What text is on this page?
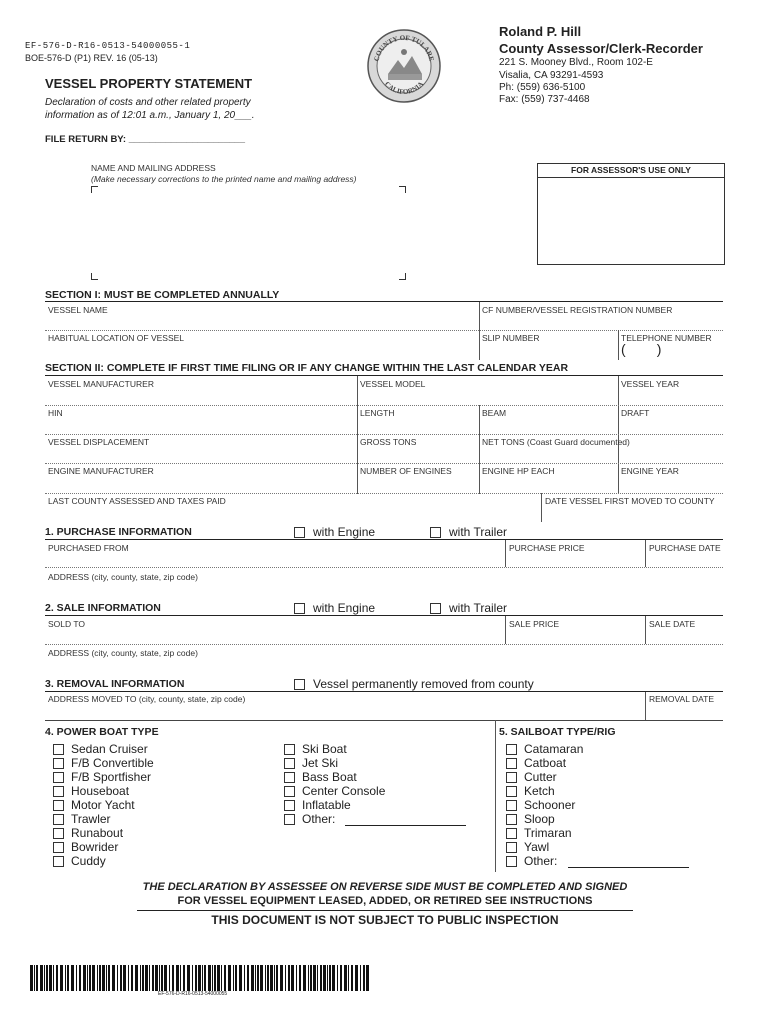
EF-576-D-R16-0513-54000055-1
BOE-576-D (P1) REV. 16 (05-13)
VESSEL PROPERTY STATEMENT
Declaration of costs and other related property
information as of 12:01 a.m., January 1, 20___.
FILE RETURN BY: ______________________
COUNTY OF TULARE
CALIFORNIA
Roland P. Hill
County Assessor/Clerk-Recorder
221 S. Mooney Blvd., Room 102-E
Visalia, CA 93291-4593
Ph: (559) 636-5100
Fax: (559) 737-4468
NAME AND MAILING ADDRESS
(Make necessary corrections to the printed name and mailing address)
FOR ASSESSOR'S USE ONLY
SECTION I: MUST BE COMPLETED ANNUALLY
VESSEL NAME	CF NUMBER/VESSEL REGISTRATION NUMBER
HABITUAL LOCATION OF VESSEL	SLIP NUMBER	TELEPHONE NUMBER
(        )
SECTION II: COMPLETE IF FIRST TIME FILING OR IF ANY CHANGE WITHIN THE LAST CALENDAR YEAR
VESSEL MANUFACTURER	VESSEL MODEL	VESSEL YEAR
HIN	LENGTH	BEAM	DRAFT
VESSEL DISPLACEMENT	GROSS TONS	NET TONS (Coast Guard documented)
ENGINE MANUFACTURER	NUMBER OF ENGINES	ENGINE HP EACH	ENGINE YEAR
LAST COUNTY ASSESSED AND TAXES PAID	DATE VESSEL FIRST MOVED TO COUNTY
1. PURCHASE INFORMATION	with Engine	with Trailer
PURCHASED FROM	PURCHASE PRICE	PURCHASE DATE
ADDRESS (city, county, state, zip code)
2. SALE INFORMATION	with Engine	with Trailer
SOLD TO	SALE PRICE	SALE DATE
ADDRESS (city, county, state, zip code)
3. REMOVAL INFORMATION	Vessel permanently removed from county
ADDRESS MOVED TO (city, county, state, zip code)	REMOVAL DATE
4. POWER BOAT TYPE	5. SAILBOAT TYPE/RIG
Sedan Cruiser
F/B Convertible
F/B Sportfisher
Houseboat
Motor Yacht
Trawler
Runabout
Bowrider
Cuddy
Ski Boat
Jet Ski
Bass Boat
Center Console
Inflatable
Other:
Catamaran
Catboat
Cutter
Ketch
Schooner
Sloop
Trimaran
Yawl
Other:
THE DECLARATION BY ASSESSEE ON REVERSE SIDE MUST BE COMPLETED AND SIGNED
FOR VESSEL EQUIPMENT LEASED, ADDED, OR RETIRED SEE INSTRUCTIONS
THIS DOCUMENT IS NOT SUBJECT TO PUBLIC INSPECTION
EF-576-D-R16-0513-54000055
